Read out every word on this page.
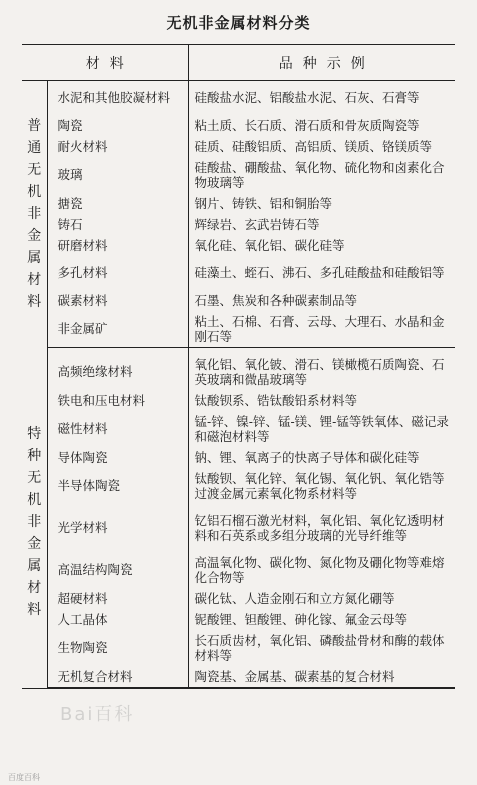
无机非金属材料分类
材料		品种示例
普通无机非金属材料	水泥和其他胶凝材料	硅酸盐水泥、铝酸盐水泥、石灰、石膏等
	陶瓷	粘土质、长石质、滑石质和骨灰质陶瓷等
	耐火材料	硅质、硅酸铝质、高铝质、镁质、铬镁质等
	玻璃	硅酸盐、硼酸盐、氧化物、硫化物和卤素化合物玻璃等
	搪瓷	钢片、铸铁、铝和铜胎等
	铸石	辉绿岩、玄武岩铸石等
	研磨材料	氧化硅、氧化铝、碳化硅等
	多孔材料	硅藻土、蛭石、沸石、多孔硅酸盐和硅酸铝等
	碳素材料	石墨、焦炭和各种碳素制品等
	非金属矿	粘土、石棉、石膏、云母、大理石、水晶和金刚石等
特种无机非金属材料	高频绝缘材料	氧化铝、氧化铍、滑石、镁橄榄石质陶瓷、石英玻璃和微晶玻璃等
	铁电和压电材料	钛酸钡系、锆钛酸铅系材料等
	磁性材料	锰-锌、镍-锌、锰-镁、锂-锰等铁氧体、磁记录和磁泡材料等
	导体陶瓷	钠、锂、氧离子的快离子导体和碳化硅等
	半导体陶瓷	钛酸钡、氧化锌、氧化锡、氧化钒、氧化锆等过渡金属元素氧化物系材料等
	光学材料	钇铝石榴石激光材料，氧化铝、氧化钇透明材料和石英系或多组分玻璃的光导纤维等
	高温结构陶瓷	高温氧化物、碳化物、氮化物及硼化物等难熔化合物等
	超硬材料	碳化钛、人造金刚石和立方氮化硼等
	人工晶体	铌酸锂、钽酸锂、砷化镓、氟金云母等
	生物陶瓷	长石质齿材，氧化铝、磷酸盐骨材和酶的载体材料等
	无机复合材料	陶瓷基、金属基、碳素基的复合材料
Bai百科
百度百科
